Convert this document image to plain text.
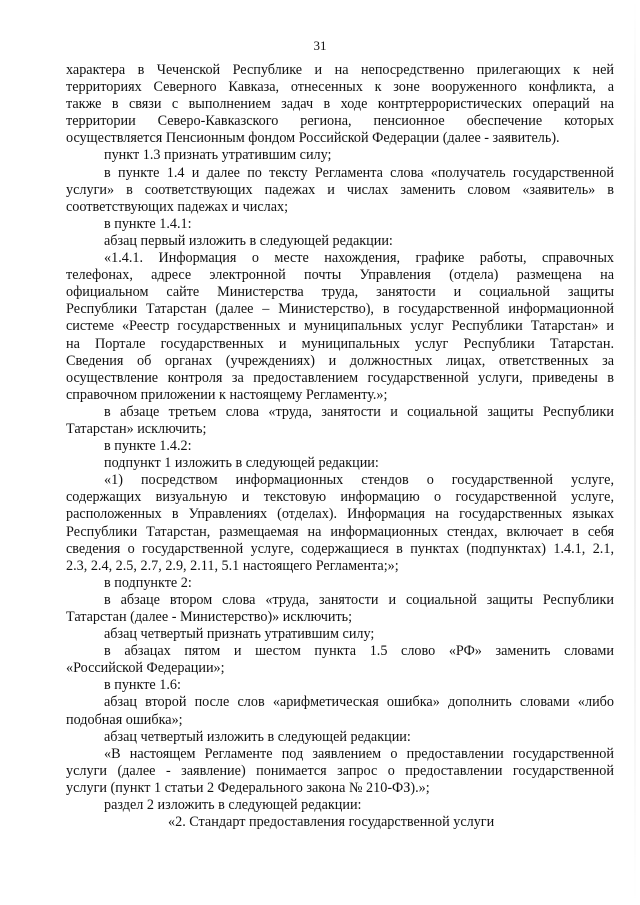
31
характера в Чеченской Республике и на непосредственно прилегающих к ней
территориях Северного Кавказа, отнесенных к зоне вооруженного конфликта, а
также в связи с выполнением задач в ходе контртеррористических операций на
территории Северо-Кавказского региона, пенсионное обеспечение которых
осуществляется Пенсионным фондом Российской Федерации (далее - заявитель).
пункт 1.3 признать утратившим силу;
в пункте 1.4 и далее по тексту Регламента слова «получатель государственной
услуги» в соответствующих падежах и числах заменить словом «заявитель» в
соответствующих падежах и числах;
в пункте 1.4.1:
абзац первый изложить в следующей редакции:
«1.4.1. Информация о месте нахождения, графике работы, справочных
телефонах, адресе электронной почты Управления (отдела) размещена на
официальном сайте Министерства труда, занятости и социальной защиты
Республики Татарстан (далее – Министерство), в государственной информационной
системе «Реестр государственных и муниципальных услуг Республики Татарстан» и
на Портале государственных и муниципальных услуг Республики Татарстан.
Сведения об органах (учреждениях) и должностных лицах, ответственных за
осуществление контроля за предоставлением государственной услуги, приведены в
справочном приложении к настоящему Регламенту.»;
в абзаце третьем слова «труда, занятости и социальной защиты Республики
Татарстан» исключить;
в пункте 1.4.2:
подпункт 1 изложить в следующей редакции:
«1) посредством информационных стендов о государственной услуге,
содержащих визуальную и текстовую информацию о государственной услуге,
расположенных в Управлениях (отделах). Информация на государственных языках
Республики Татарстан, размещаемая на информационных стендах, включает в себя
сведения о государственной услуге, содержащиеся в пунктах (подпунктах) 1.4.1, 2.1,
2.3, 2.4, 2.5, 2.7, 2.9, 2.11, 5.1 настоящего Регламента;»;
в подпункте 2:
в абзаце втором слова «труда, занятости и социальной защиты Республики
Татарстан (далее - Министерство)» исключить;
абзац четвертый признать утратившим силу;
в абзацах пятом и шестом пункта 1.5 слово «РФ» заменить словами
«Российской Федерации»;
в пункте 1.6:
абзац второй после слов «арифметическая ошибка» дополнить словами «либо
подобная ошибка»;
абзац четвертый изложить в следующей редакции:
«В настоящем Регламенте под заявлением о предоставлении государственной
услуги (далее - заявление) понимается запрос о предоставлении государственной
услуги (пункт 1 статьи 2 Федерального закона № 210-ФЗ).»;
раздел 2 изложить в следующей редакции:
«2. Стандарт предоставления государственной услуги
